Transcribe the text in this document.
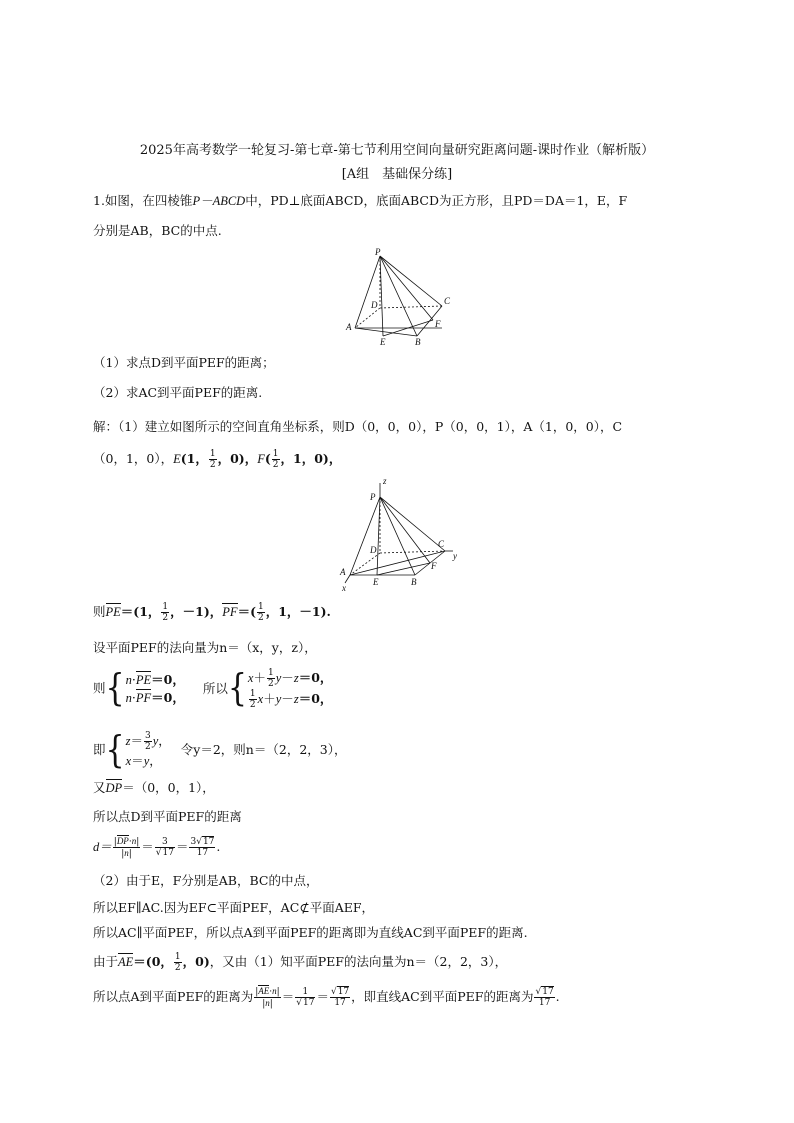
2025年高考数学一轮复习-第七章-第七节利用空间向量研究距离问题-课时作业（解析版）
[A组　基础保分练]
1.如图，在四棱锥P－ABCD中，PD⊥底面ABCD，底面ABCD为正方形，且PD＝DA＝1，E，F
分别是AB，BC的中点.
P
D	C
A
E	B
F
（1）求点D到平面PEF的距离；
（2）求AC到平面PEF的距离.
解：（1）建立如图所示的空间直角坐标系，则D（0，0，0），P（0，0，1），A（1，0，0），C
（0，1，0），E(1， $\frac{1}{2}$ ，0)，$F( \frac{1}{2}$ ，1，0)，
z
P
D
C
y
A
x
E	B
F
则PE＝(1， $\frac{1}{2}$ ，－1)，$PF=( \frac{1}{2}$ ，1，－1).
设平面PEF的法向量为n＝（x，y，z），
则{n·PE＝0，
n·PF＝0， 所以{$x+ \frac{1}{2} y-z=0$，

$\frac{1}{2} x+y-z=0$，
即{$z= \frac{3}{2}$ y，
x＝y， 令y＝2，则n＝（2，2，3），
又DP＝（0，0，1），
所以点D到平面PEF的距离
$d= \frac{|DP\cdot n|}{|n|} = \frac{3}{√17} = \frac{3√17}{17}$ .
（2）由于E，F分别是AB，BC的中点，
所以EF∥AC.因为EF⊂平面PEF，AC⊄平面AEF，
所以AC∥平面PEF，所以点A到平面PEF的距离即为直线AC到平面PEF的距离.
由于AE＝(0， $\frac{1}{2}$ ，0)，又由（1）知平面PEF的法向量为n＝（2，2，3），
所以点A到平面PEF的距离为 $\frac{|AE\cdot n|}{|n|} = \frac{1}{√17} = \frac{√17}{17}$ ，即直线AC到平面PEF的距离为 $\frac{√17}{17}$ .
